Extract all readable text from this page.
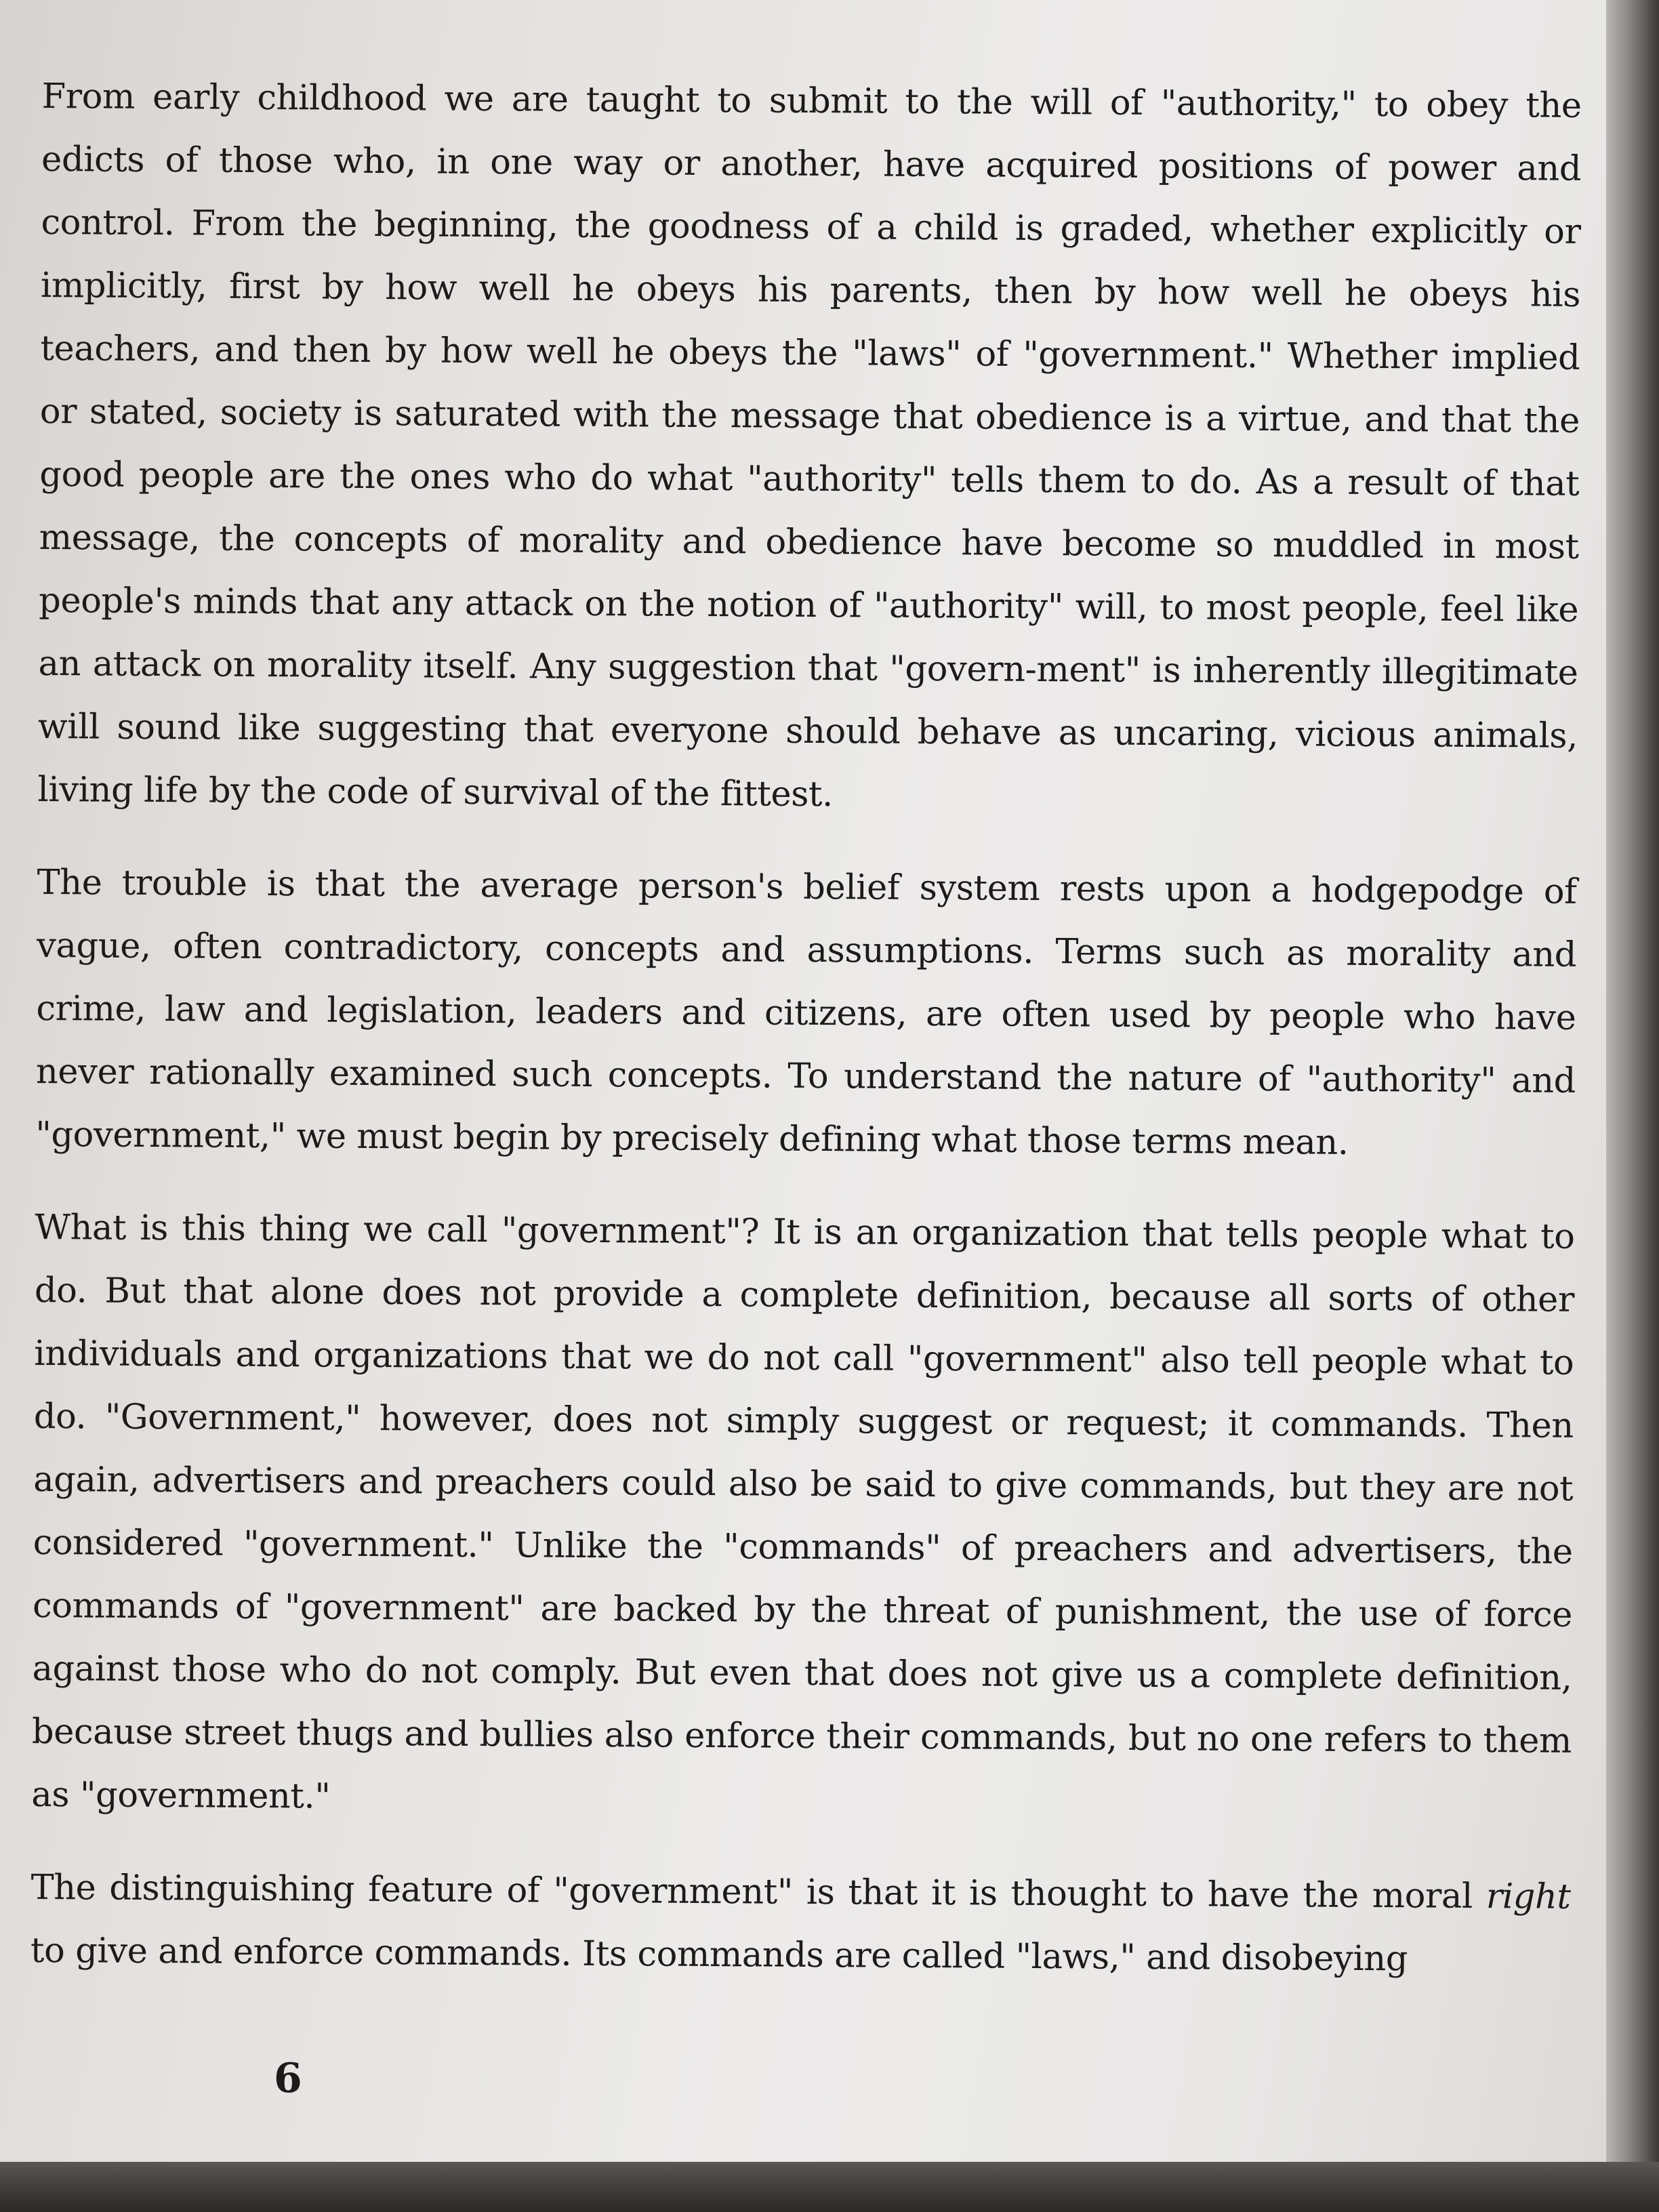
From early childhood we are taught to submit to the will of "authority," to obey the edicts of those who, in one way or another, have acquired positions of power and control. From the beginning, the goodness of a child is graded, whether explicitly or implicitly, first by how well he obeys his parents, then by how well he obeys his teachers, and then by how well he obeys the "laws" of "government." Whether implied or stated, society is saturated with the message that obedience is a virtue, and that the good people are the ones who do what "authority" tells them to do. As a result of that message, the concepts of morality and obedience have become so muddled in most people's minds that any attack on the notion of "authority" will, to most people, feel like an attack on morality itself. Any suggestion that "govern-ment" is inherently illegitimate will sound like suggesting that everyone should behave as uncaring, vicious animals, living life by the code of survival of the fittest.

The trouble is that the average person's belief system rests upon a hodgepodge of vague, often contradictory, concepts and assumptions. Terms such as morality and crime, law and legislation, leaders and citizens, are often used by people who have never rationally examined such concepts. To understand the nature of "authority" and "government," we must begin by precisely defining what those terms mean.

What is this thing we call "government"? It is an organization that tells people what to do. But that alone does not provide a complete definition, because all sorts of other individuals and organizations that we do not call "government" also tell people what to do. "Government," however, does not simply suggest or request; it commands. Then again, advertisers and preachers could also be said to give commands, but they are not considered "government." Unlike the "commands" of preachers and advertisers, the commands of "government" are backed by the threat of punishment, the use of force against those who do not comply. But even that does not give us a complete definition, because street thugs and bullies also enforce their commands, but no one refers to them as "government."

The distinguishing feature of "government" is that it is thought to have the moral right to give and enforce commands. Its commands are called "laws," and disobeying

6
